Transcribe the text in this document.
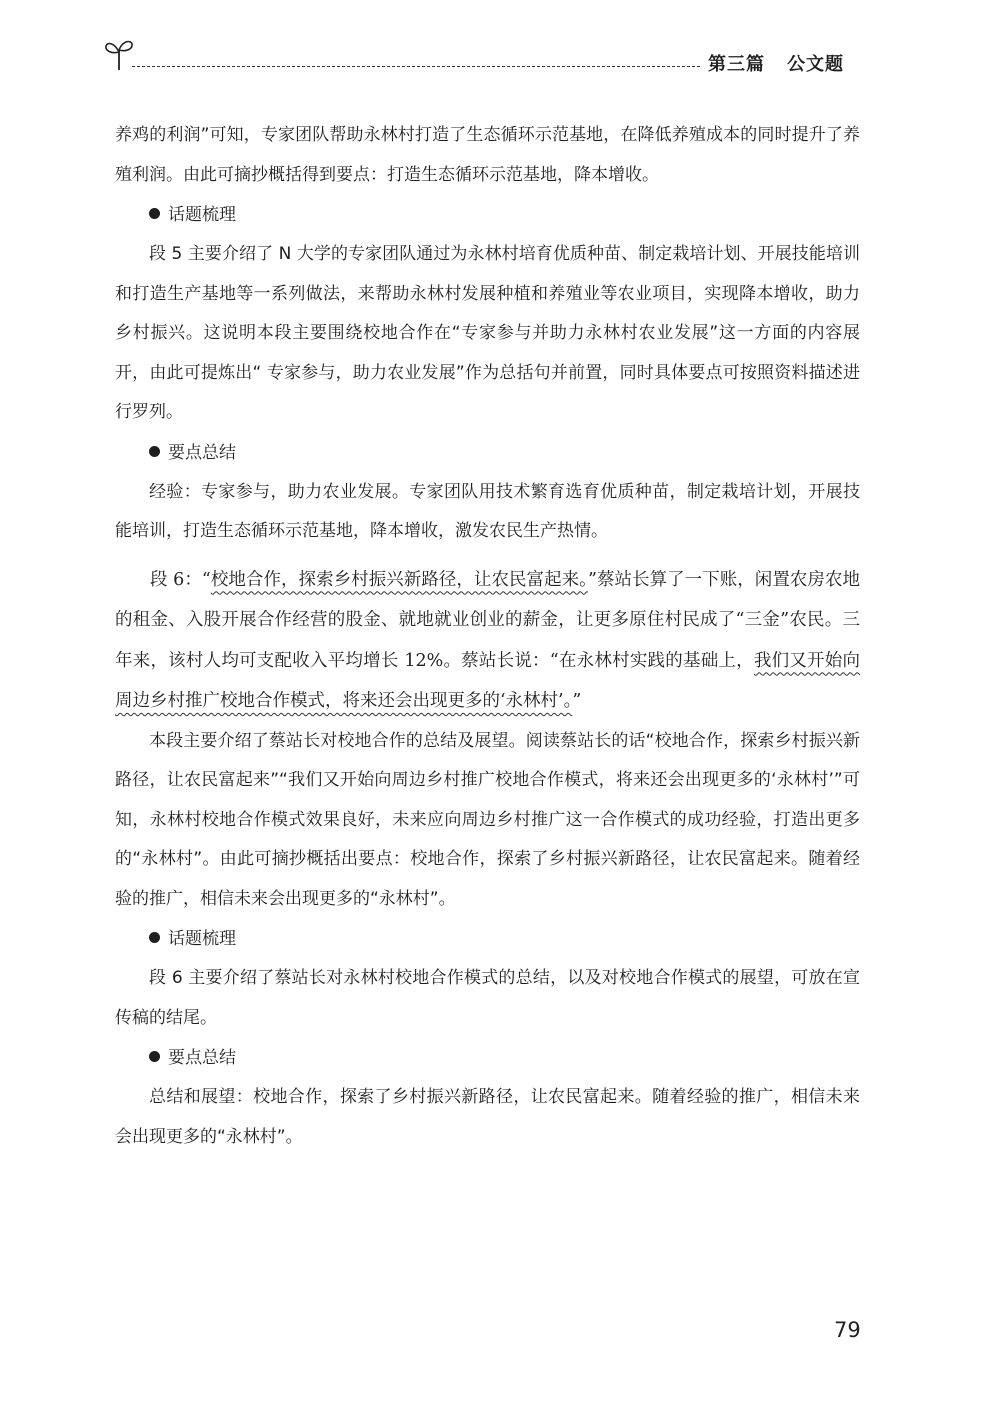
第三篇 公文题

养鸡的利润”可知，专家团队帮助永林村打造了生态循环示范基地，在降低养殖成本的同时提升了养殖利润。由此可摘抄概括得到要点：打造生态循环示范基地，降本增收。

话题梳理

段 5 主要介绍了 N 大学的专家团队通过为永林村培育优质种苗、制定栽培计划、开展技能培训和打造生产基地等一系列做法，来帮助永林村发展种植和养殖业等农业项目，实现降本增收，助力乡村振兴。这说明本段主要围绕校地合作在“专家参与并助力永林村农业发展”这一方面的内容展开，由此可提炼出“ 专家参与，助力农业发展”作为总括句并前置，同时具体要点可按照资料描述进行罗列。

要点总结

经验：专家参与，助力农业发展。专家团队用技术繁育选育优质种苗，制定栽培计划，开展技能培训，打造生态循环示范基地，降本增收，激发农民生产热情。

段 6：“校地合作，探索乡村振兴新路径，让农民富起来。”蔡站长算了一下账，闲置农房农地的租金、入股开展合作经营的股金、就地就业创业的薪金，让更多原住村民成了“三金”农民。三年来，该村人均可支配收入平均增长 12%。蔡站长说：“在永林村实践的基础上，我们又开始向周边乡村推广校地合作模式，将来还会出现更多的‘永林村’。”

本段主要介绍了蔡站长对校地合作的总结及展望。阅读蔡站长的话“校地合作，探索乡村振兴新路径，让农民富起来”“我们又开始向周边乡村推广校地合作模式，将来还会出现更多的‘永林村’”可知，永林村校地合作模式效果良好，未来应向周边乡村推广这一合作模式的成功经验，打造出更多的“永林村”。由此可摘抄概括出要点：校地合作，探索了乡村振兴新路径，让农民富起来。随着经验的推广，相信未来会出现更多的“永林村”。

话题梳理

段 6 主要介绍了蔡站长对永林村校地合作模式的总结，以及对校地合作模式的展望，可放在宣传稿的结尾。

要点总结

总结和展望：校地合作，探索了乡村振兴新路径，让农民富起来。随着经验的推广，相信未来会出现更多的“永林村”。

79
